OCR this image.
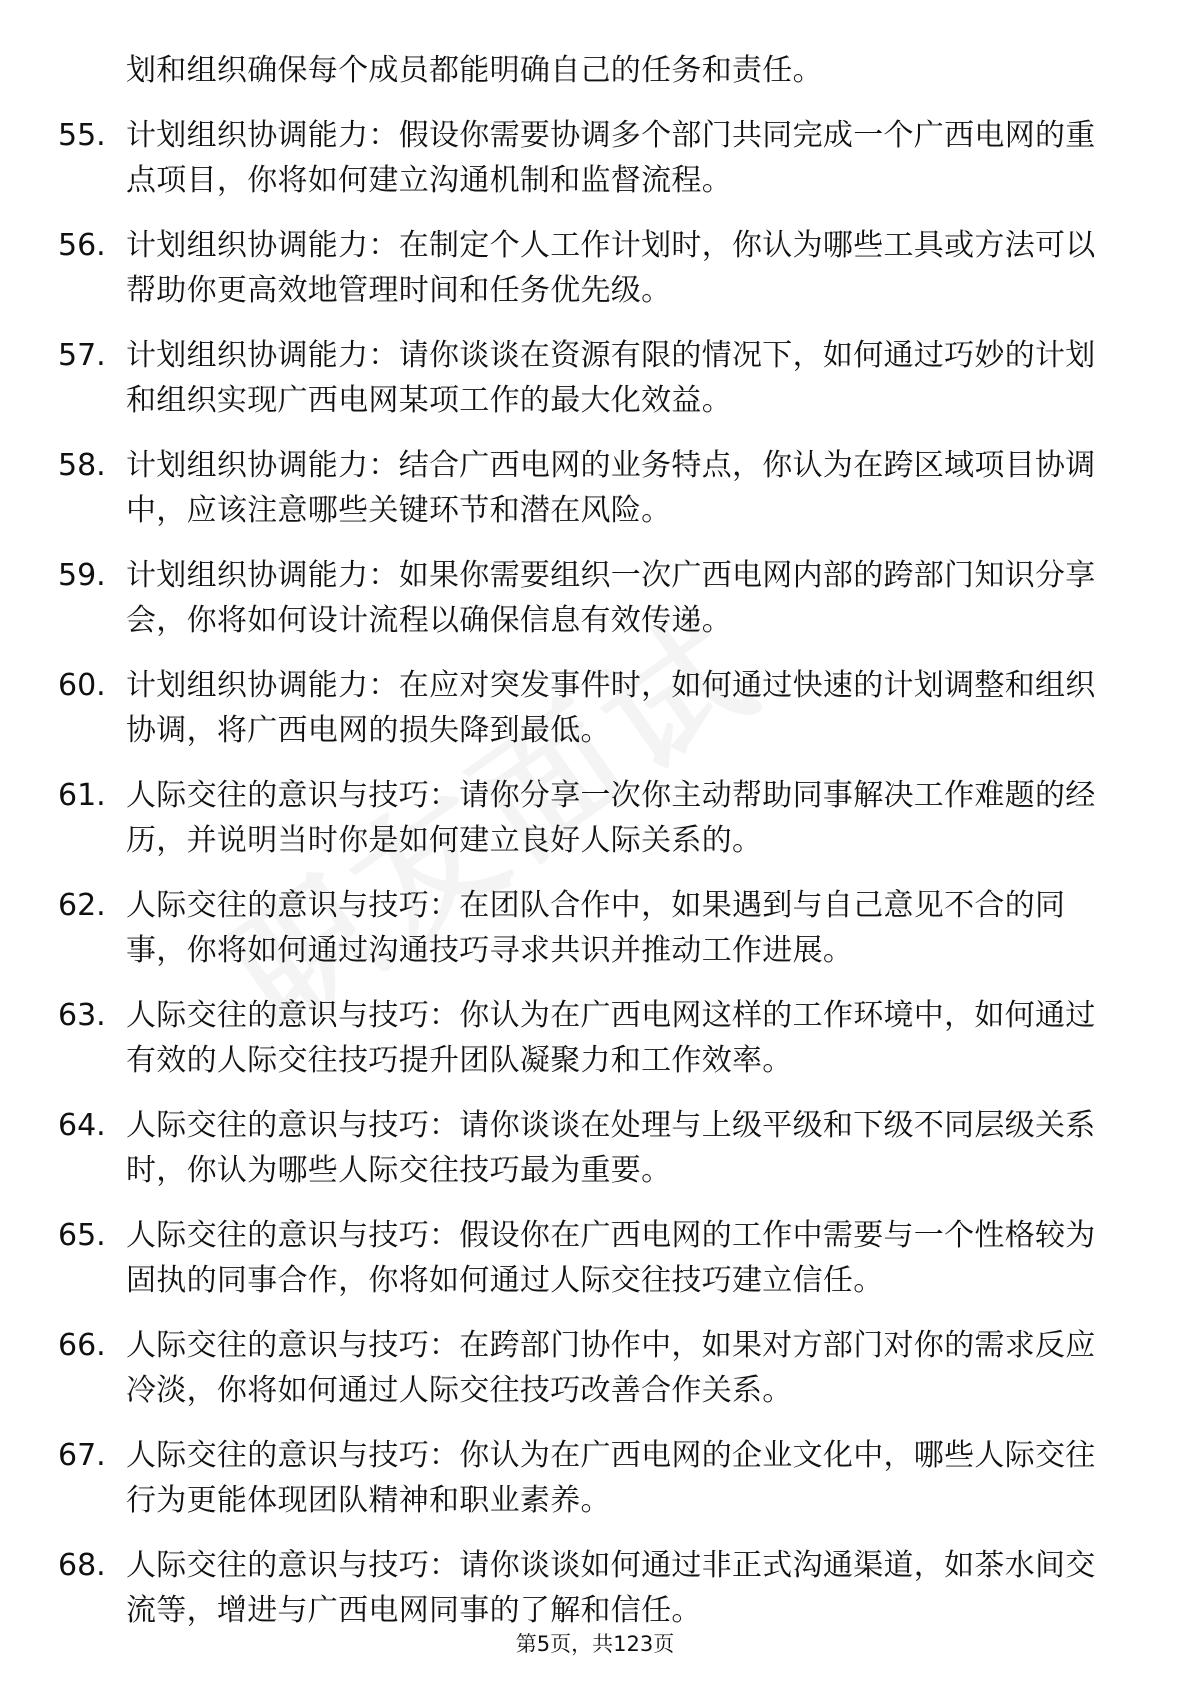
划和组织确保每个成员都能明确自己的任务和责任。
55. 计划组织协调能力：假设你需要协调多个部门共同完成一个广西电网的重点项目，你将如何建立沟通机制和监督流程。
56. 计划组织协调能力：在制定个人工作计划时，你认为哪些工具或方法可以帮助你更高效地管理时间和任务优先级。
57. 计划组织协调能力：请你谈谈在资源有限的情况下，如何通过巧妙的计划和组织实现广西电网某项工作的最大化效益。
58. 计划组织协调能力：结合广西电网的业务特点，你认为在跨区域项目协调中，应该注意哪些关键环节和潜在风险。
59. 计划组织协调能力：如果你需要组织一次广西电网内部的跨部门知识分享会，你将如何设计流程以确保信息有效传递。
60. 计划组织协调能力：在应对突发事件时，如何通过快速的计划调整和组织协调，将广西电网的损失降到最低。
61. 人际交往的意识与技巧：请你分享一次你主动帮助同事解决工作难题的经历，并说明当时你是如何建立良好人际关系的。
62. 人际交往的意识与技巧：在团队合作中，如果遇到与自己意见不合的同事，你将如何通过沟通技巧寻求共识并推动工作进展。
63. 人际交往的意识与技巧：你认为在广西电网这样的工作环境中，如何通过有效的人际交往技巧提升团队凝聚力和工作效率。
64. 人际交往的意识与技巧：请你谈谈在处理与上级平级和下级不同层级关系时，你认为哪些人际交往技巧最为重要。
65. 人际交往的意识与技巧：假设你在广西电网的工作中需要与一个性格较为固执的同事合作，你将如何通过人际交往技巧建立信任。
66. 人际交往的意识与技巧：在跨部门协作中，如果对方部门对你的需求反应冷淡，你将如何通过人际交往技巧改善合作关系。
67. 人际交往的意识与技巧：你认为在广西电网的企业文化中，哪些人际交往行为更能体现团队精神和职业素养。
68. 人际交往的意识与技巧：请你谈谈如何通过非正式沟通渠道，如茶水间交流等，增进与广西电网同事的了解和信任。
第5页，共123页
